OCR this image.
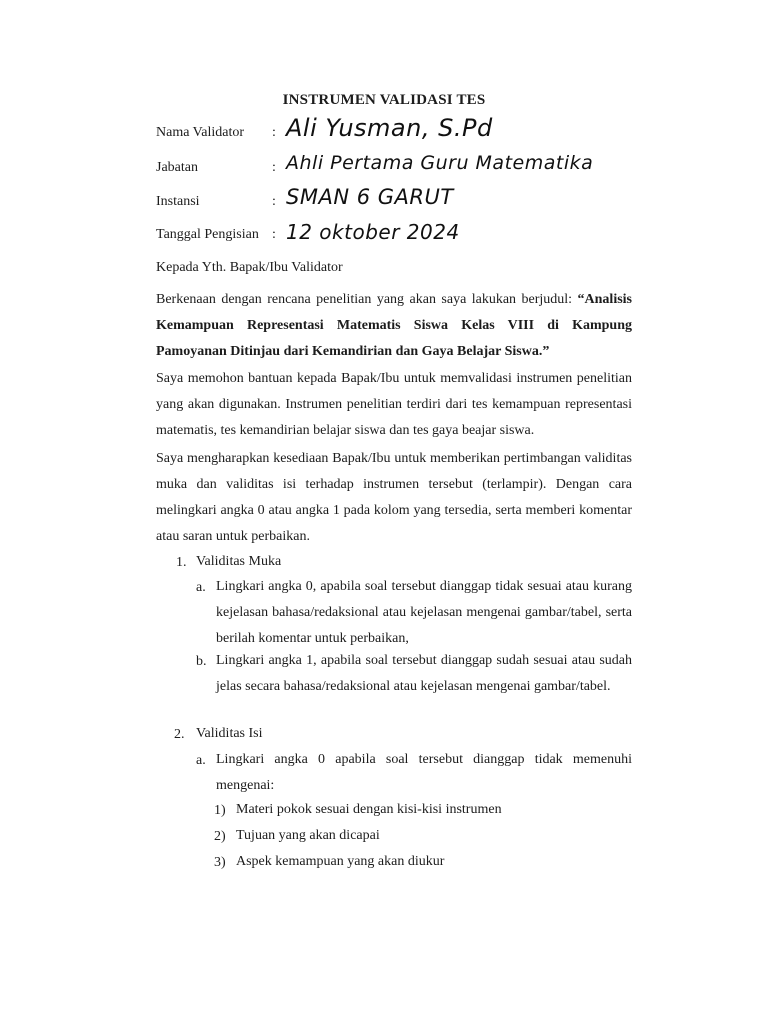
INSTRUMEN VALIDASI TES
Nama Validator : Ali Yusman, S.Pd
Jabatan	: Ahli Pertama Guru Matematika
Instansi	: SMAN 6 GARUT
Tanggal Pengisian : 12 oktober 2024
Kepada Yth. Bapak/Ibu Validator
Berkenaan dengan rencana penelitian yang akan saya lakukan berjudul: “Analisis Kemampuan Representasi Matematis Siswa Kelas VIII di Kampung Pamoyanan Ditinjau dari Kemandirian dan Gaya Belajar Siswa.”
Saya memohon bantuan kepada Bapak/Ibu untuk memvalidasi instrumen penelitian yang akan digunakan. Instrumen penelitian terdiri dari tes kemampuan representasi matematis, tes kemandirian belajar siswa dan tes gaya beajar siswa.
Saya mengharapkan kesediaan Bapak/Ibu untuk memberikan pertimbangan validitas muka dan validitas isi terhadap instrumen tersebut (terlampir). Dengan cara melingkari angka 0 atau angka 1 pada kolom yang tersedia, serta memberi komentar atau saran untuk perbaikan.
1. Validitas Muka
a. Lingkari angka 0, apabila soal tersebut dianggap tidak sesuai atau kurang kejelasan bahasa/redaksional atau kejelasan mengenai gambar/tabel, serta berilah komentar untuk perbaikan,
b. Lingkari angka 1, apabila soal tersebut dianggap sudah sesuai atau sudah jelas secara bahasa/redaksional atau kejelasan mengenai gambar/tabel.
2. Validitas Isi
a. Lingkari angka 0 apabila soal tersebut dianggap tidak memenuhi mengenai:
1) Materi pokok sesuai dengan kisi-kisi instrumen
2) Tujuan yang akan dicapai
3) Aspek kemampuan yang akan diukur
